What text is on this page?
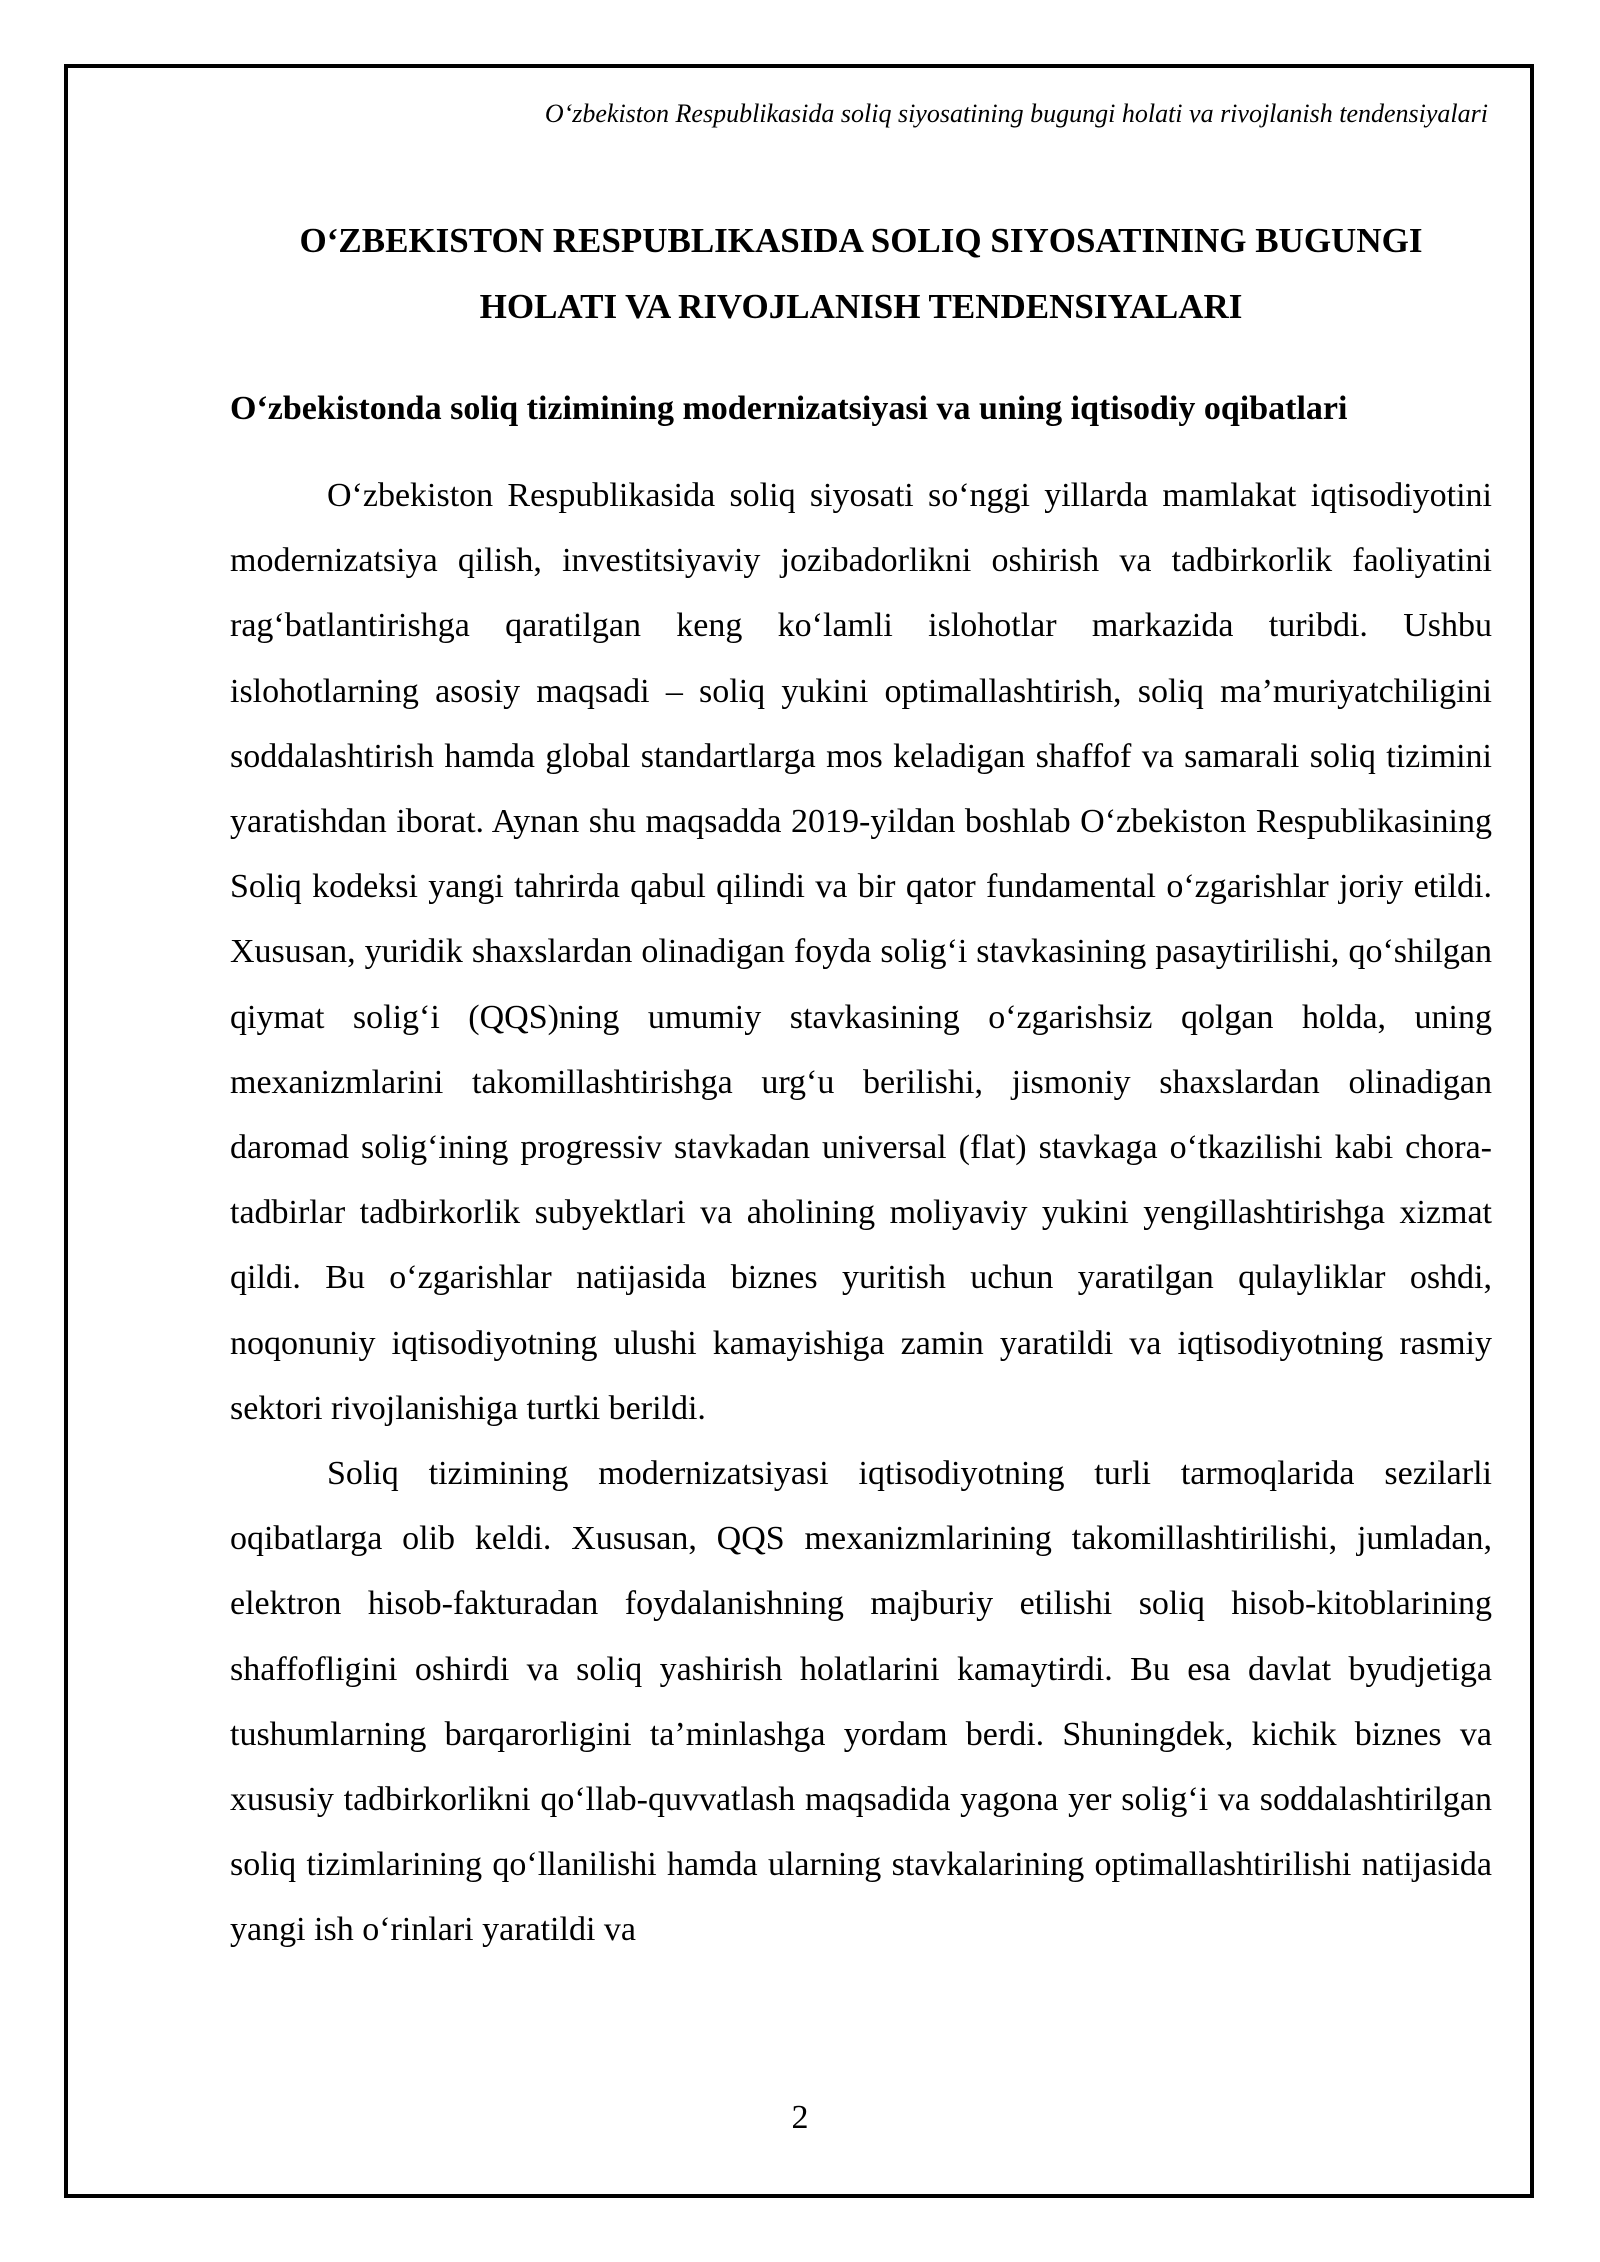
O‘zbekiston Respublikasida soliq siyosatining bugungi holati va rivojlanish tendensiyalari
O‘ZBEKISTON RESPUBLIKASIDA SOLIQ SIYOSATINING BUGUNGI
HOLATI VA RIVOJLANISH TENDENSIYALARI
O‘zbekistonda soliq tizimining modernizatsiyasi va uning iqtisodiy oqibatlari

O‘zbekiston Respublikasida soliq siyosati so‘nggi yillarda mamlakat iqtisodiyotini modernizatsiya qilish, investitsiyaviy jozibadorlikni oshirish va tadbirkorlik faoliyatini rag‘batlantirishga qaratilgan keng ko‘lamli islohotlar markazida turibdi. Ushbu islohotlarning asosiy maqsadi – soliq yukini optimallashtirish, soliq ma’muriyatchiligini soddalashtirish hamda global standartlarga mos keladigan shaffof va samarali soliq tizimini yaratishdan iborat. Aynan shu maqsadda 2019-yildan boshlab O‘zbekiston Respublikasining Soliq kodeksi yangi tahrirda qabul qilindi va bir qator fundamental o‘zgarishlar joriy etildi. Xususan, yuridik shaxslardan olinadigan foyda solig‘i stavkasining pasaytirilishi, qo‘shilgan qiymat solig‘i (QQS)ning umumiy stavkasining o‘zgarishsiz qolgan holda, uning mexanizmlarini takomillashtirishga urg‘u berilishi, jismoniy shaxslardan olinadigan daromad solig‘ining progressiv stavkadan universal (flat) stavkaga o‘tkazilishi kabi chora-tadbirlar tadbirkorlik subyektlari va aholining moliyaviy yukini yengillashtirishga xizmat qildi. Bu o‘zgarishlar natijasida biznes yuritish uchun yaratilgan qulayliklar oshdi, noqonuniy iqtisodiyotning ulushi kamayishiga zamin yaratildi va iqtisodiyotning rasmiy sektori rivojlanishiga turtki berildi.

Soliq tizimining modernizatsiyasi iqtisodiyotning turli tarmoqlarida sezilarli oqibatlarga olib keldi. Xususan, QQS mexanizmlarining takomillashtirilishi, jumladan, elektron hisob-fakturadan foydalanishning majburiy etilishi soliq hisob-kitoblarining shaffofligini oshirdi va soliq yashirish holatlarini kamaytirdi. Bu esa davlat byudjetiga tushumlarning barqarorligini ta’minlashga yordam berdi. Shuningdek, kichik biznes va xususiy tadbirkorlikni qo‘llab-quvvatlash maqsadida yagona yer solig‘i va soddalashtirilgan soliq tizimlarining qo‘llanilishi hamda ularning stavkalarining optimallashtirilishi natijasida yangi ish o‘rinlari yaratildi va

2
